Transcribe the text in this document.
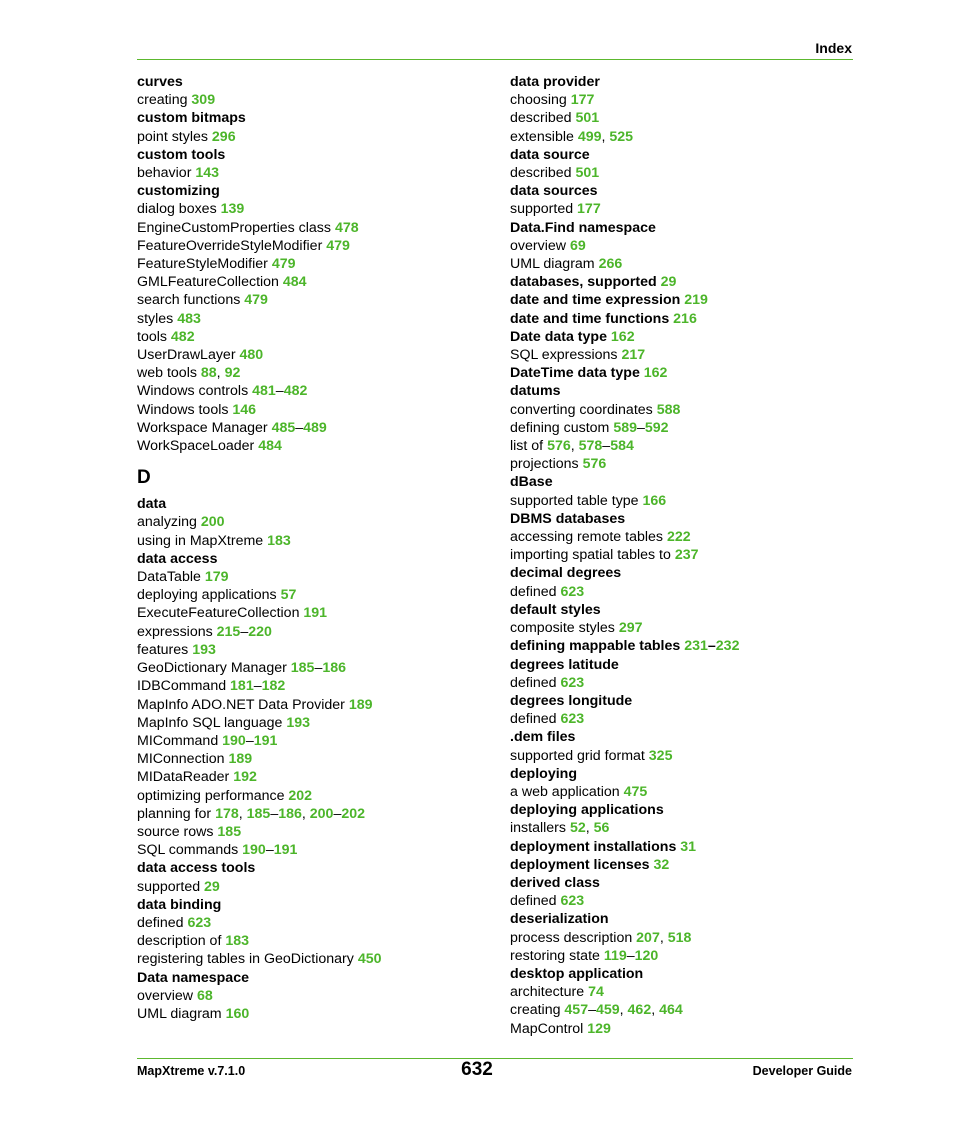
Index
curves
creating 309
custom bitmaps
point styles 296
custom tools
behavior 143
customizing
dialog boxes 139
EngineCustomProperties class 478
FeatureOverrideStyleModifier 479
FeatureStyleModifier 479
GMLFeatureCollection 484
search functions 479
styles 483
tools 482
UserDrawLayer 480
web tools 88, 92
Windows controls 481–482
Windows tools 146
Workspace Manager 485–489
WorkSpaceLoader 484
D
data
analyzing 200
using in MapXtreme 183
data access
DataTable 179
deploying applications 57
ExecuteFeatureCollection 191
expressions 215–220
features 193
GeoDictionary Manager 185–186
IDBCommand 181–182
MapInfo ADO.NET Data Provider 189
MapInfo SQL language 193
MICommand 190–191
MIConnection 189
MIDataReader 192
optimizing performance 202
planning for 178, 185–186, 200–202
source rows 185
SQL commands 190–191
data access tools
supported 29
data binding
defined 623
description of 183
registering tables in GeoDictionary 450
Data namespace
overview 68
UML diagram 160
data provider
choosing 177
described 501
extensible 499, 525
data source
described 501
data sources
supported 177
Data.Find namespace
overview 69
UML diagram 266
databases, supported 29
date and time expression 219
date and time functions 216
Date data type 162
SQL expressions 217
DateTime data type 162
datums
converting coordinates 588
defining custom 589–592
list of 576, 578–584
projections 576
dBase
supported table type 166
DBMS databases
accessing remote tables 222
importing spatial tables to 237
decimal degrees
defined 623
default styles
composite styles 297
defining mappable tables 231–232
degrees latitude
defined 623
degrees longitude
defined 623
.dem files
supported grid format 325
deploying
a web application 475
deploying applications
installers 52, 56
deployment installations 31
deployment licenses 32
derived class
defined 623
deserialization
process description 207, 518
restoring state 119–120
desktop application
architecture 74
creating 457–459, 462, 464
MapControl 129
MapXtreme v.7.1.0	632	Developer Guide
